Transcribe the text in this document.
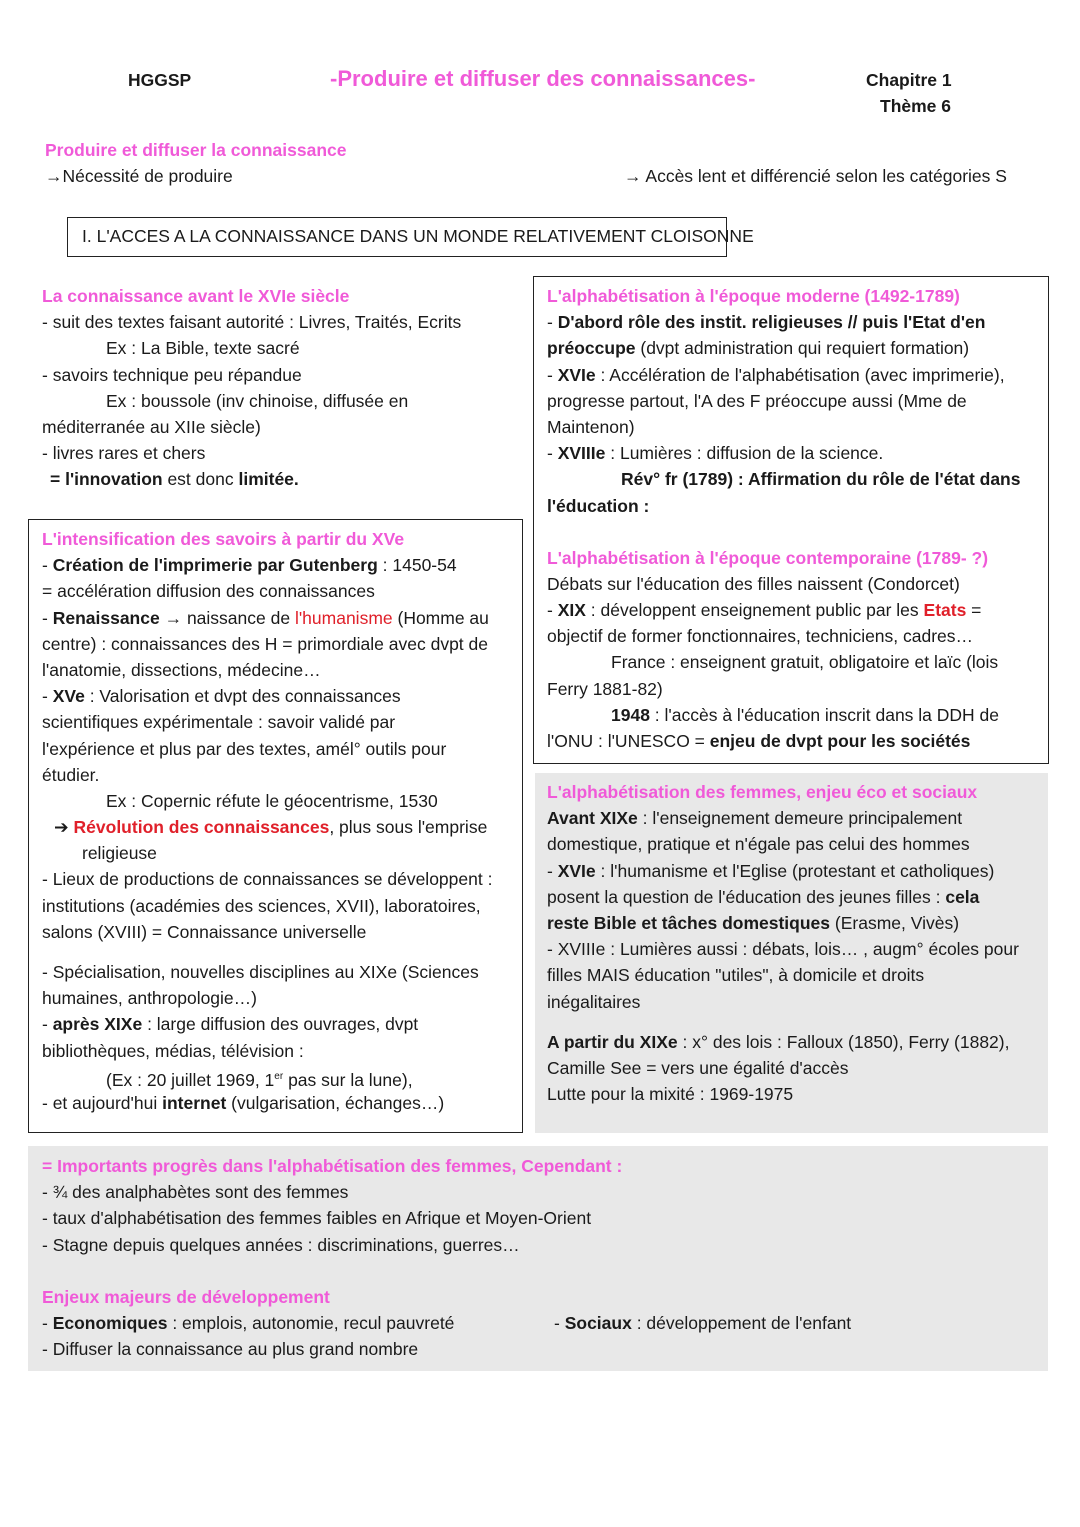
HGGSP	-Produire et diffuser des connaissances-	Chapitre 1
Thème 6
Produire et diffuser la connaissance
→Nécessité de produire	→ Accès lent et différencié selon les catégories S
I. L'ACCES A LA CONNAISSANCE DANS UN MONDE RELATIVEMENT CLOISONNE
La connaissance avant le XVIe siècle
- suit des textes faisant autorité : Livres, Traités, Ecrits
Ex : La Bible, texte sacré
- savoirs technique peu répandue
Ex : boussole (inv chinoise, diffusée en
méditerranée au XIIe siècle)
- livres rares et chers
= l'innovation est donc limitée.
L'intensification des savoirs à partir du XVe
- Création de l'imprimerie par Gutenberg : 1450-54
= accélération diffusion des connaissances
- Renaissance → naissance de l'humanisme (Homme au
centre) : connaissances des H = primordiale avec dvpt de
l'anatomie, dissections, médecine…
- XVe : Valorisation et dvpt des connaissances
scientifiques expérimentale : savoir validé par
l'expérience et plus par des textes, amél° outils pour
étudier.
Ex : Copernic réfute le géocentrisme, 1530
➔ Révolution des connaissances, plus sous l'emprise
religieuse
- Lieux de productions de connaissances se développent :
institutions (académies des sciences, XVII), laboratoires,
salons (XVIII) = Connaissance universelle
- Spécialisation, nouvelles disciplines au XIXe (Sciences
humaines, anthropologie…)
- après XIXe : large diffusion des ouvrages, dvpt
bibliothèques, médias, télévision :
(Ex : 20 juillet 1969, 1er pas sur la lune),
- et aujourd'hui internet (vulgarisation, échanges…)
L'alphabétisation à l'époque moderne (1492-1789)
- D'abord rôle des instit. religieuses // puis l'Etat d'en
préoccupe (dvpt administration qui requiert formation)
- XVIe : Accélération de l'alphabétisation (avec imprimerie),
progresse partout, l'A des F préoccupe aussi (Mme de
Maintenon)
- XVIIIe : Lumières : diffusion de la science.
Rév° fr (1789) : Affirmation du rôle de l'état dans
l'éducation :
L'alphabétisation à l'époque contemporaine (1789- ?)
Débats sur l'éducation des filles naissent (Condorcet)
- XIX : développent enseignement public par les Etats =
objectif de former fonctionnaires, techniciens, cadres…
France : enseignent gratuit, obligatoire et laïc (lois
Ferry 1881-82)
1948 : l'accès à l'éducation inscrit dans la DDH de
l'ONU : l'UNESCO = enjeu de dvpt pour les sociétés
L'alphabétisation des femmes, enjeu éco et sociaux
Avant XIXe : l'enseignement demeure principalement
domestique, pratique et n'égale pas celui des hommes
- XVIe : l'humanisme et l'Eglise (protestant et catholiques)
posent la question de l'éducation des jeunes filles : cela
reste Bible et tâches domestiques (Erasme, Vivès)
- XVIIIe : Lumières aussi : débats, lois… , augm° écoles pour
filles MAIS éducation "utiles", à domicile et droits
inégalitaires
A partir du XIXe : x° des lois : Falloux (1850), Ferry (1882),
Camille See = vers une égalité d'accès
Lutte pour la mixité : 1969-1975
= Importants progrès dans l'alphabétisation des femmes, Cependant :
- ¾ des analphabètes sont des femmes
- taux d'alphabétisation des femmes faibles en Afrique et Moyen-Orient
- Stagne depuis quelques années : discriminations, guerres…
Enjeux majeurs de développement
- Economiques : emplois, autonomie, recul pauvreté	- Sociaux : développement de l'enfant
- Diffuser la connaissance au plus grand nombre
